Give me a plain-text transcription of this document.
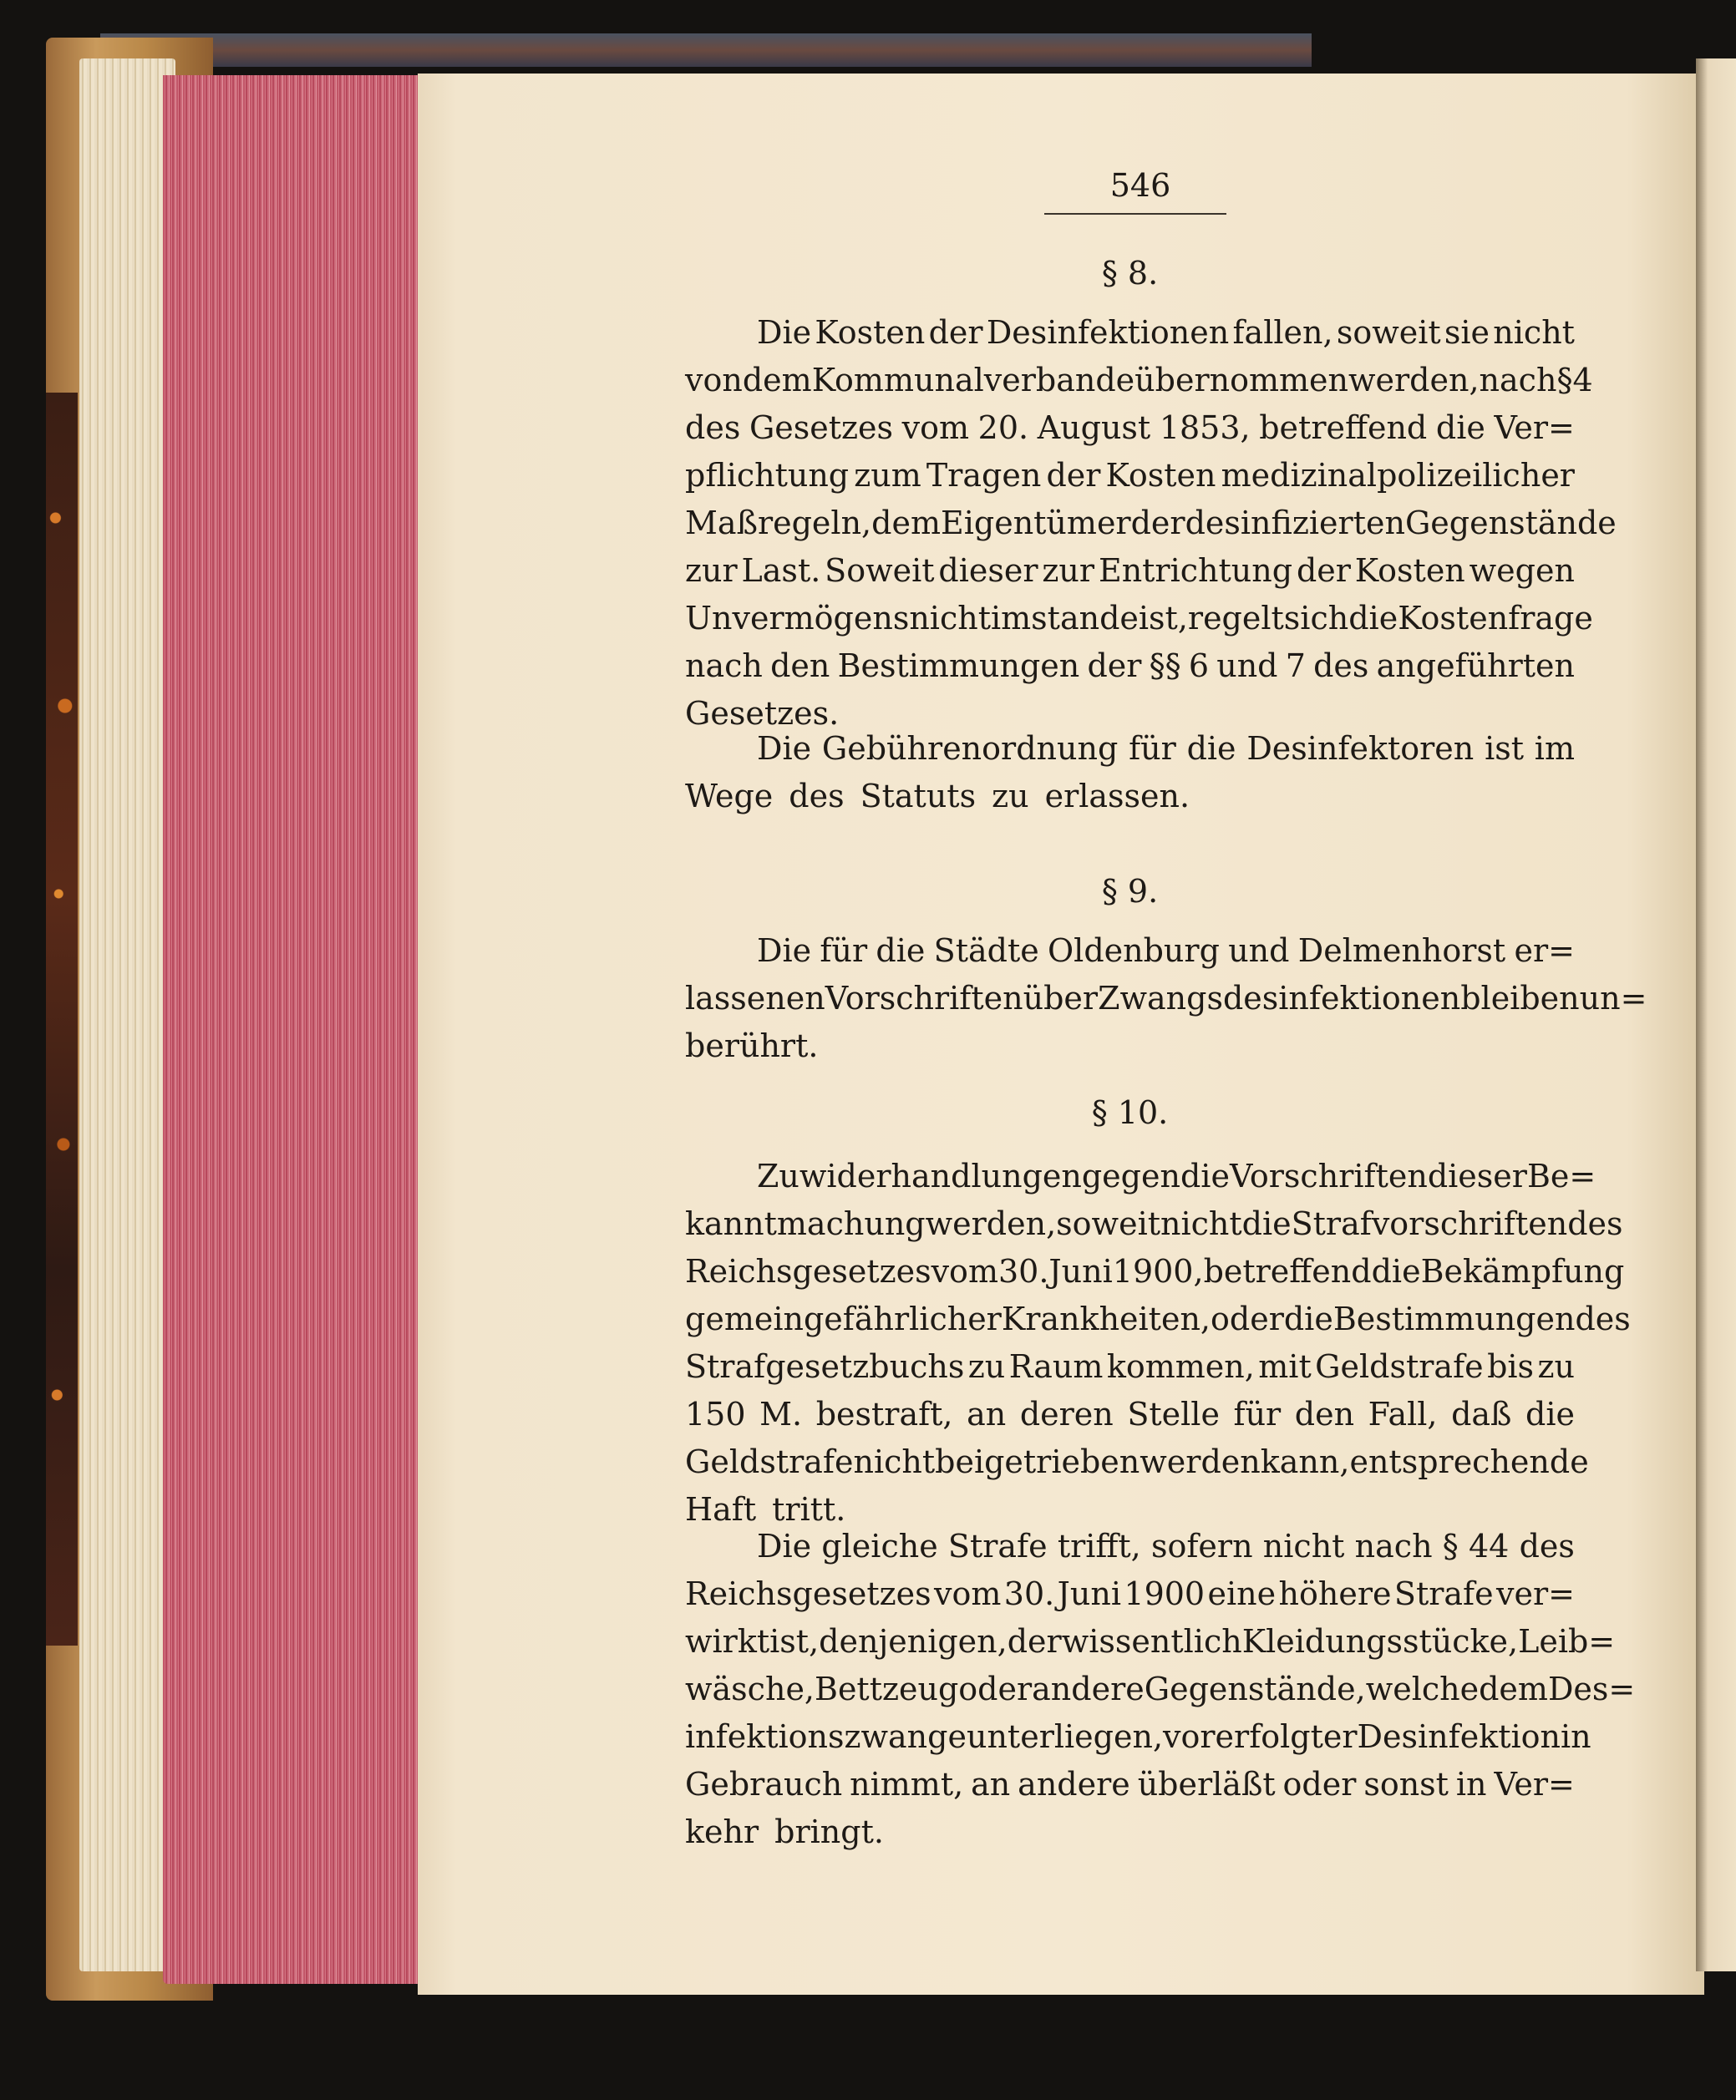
546
§ 8.
Die Kosten der Desinfektionen fallen, soweit sie nicht
von dem Kommunalverbande übernommen werden, nach § 4
des Gesetzes vom 20. August 1853, betreffend die Ver=
pflichtung zum Tragen der Kosten medizinalpolizeilicher
Maßregeln, dem Eigentümer der desinfizierten Gegenstände
zur Last. Soweit dieser zur Entrichtung der Kosten wegen
Unvermögens nicht imstande ist, regelt sich die Kostenfrage
nach den Bestimmungen der §§ 6 und 7 des angeführten
Gesetzes.
Die Gebührenordnung für die Desinfektoren ist im
Wege des Statuts zu erlassen.
§ 9.
Die für die Städte Oldenburg und Delmenhorst er=
lassenen Vorschriften über Zwangsdesinfektionen bleiben un=
berührt.
§ 10.
Zuwiderhandlungen gegen die Vorschriften dieser Be=
kanntmachung werden, soweit nicht die Strafvorschriften des
Reichsgesetzes vom 30. Juni 1900, betreffend die Bekämpfung
gemeingefährlicher Krankheiten, oder die Bestimmungen des
Strafgesetzbuchs zu Raum kommen, mit Geldstrafe bis zu
150 M. bestraft, an deren Stelle für den Fall, daß die
Geldstrafe nicht beigetrieben werden kann, entsprechende
Haft tritt.
Die gleiche Strafe trifft, sofern nicht nach § 44 des
Reichsgesetzes vom 30. Juni 1900 eine höhere Strafe ver=
wirkt ist, denjenigen, der wissentlich Kleidungsstücke, Leib=
wäsche, Bettzeug oder andere Gegenstände, welche dem Des=
infektionszwange unterliegen, vor erfolgter Desinfektion in
Gebrauch nimmt, an andere überläßt oder sonst in Ver=
kehr bringt.
